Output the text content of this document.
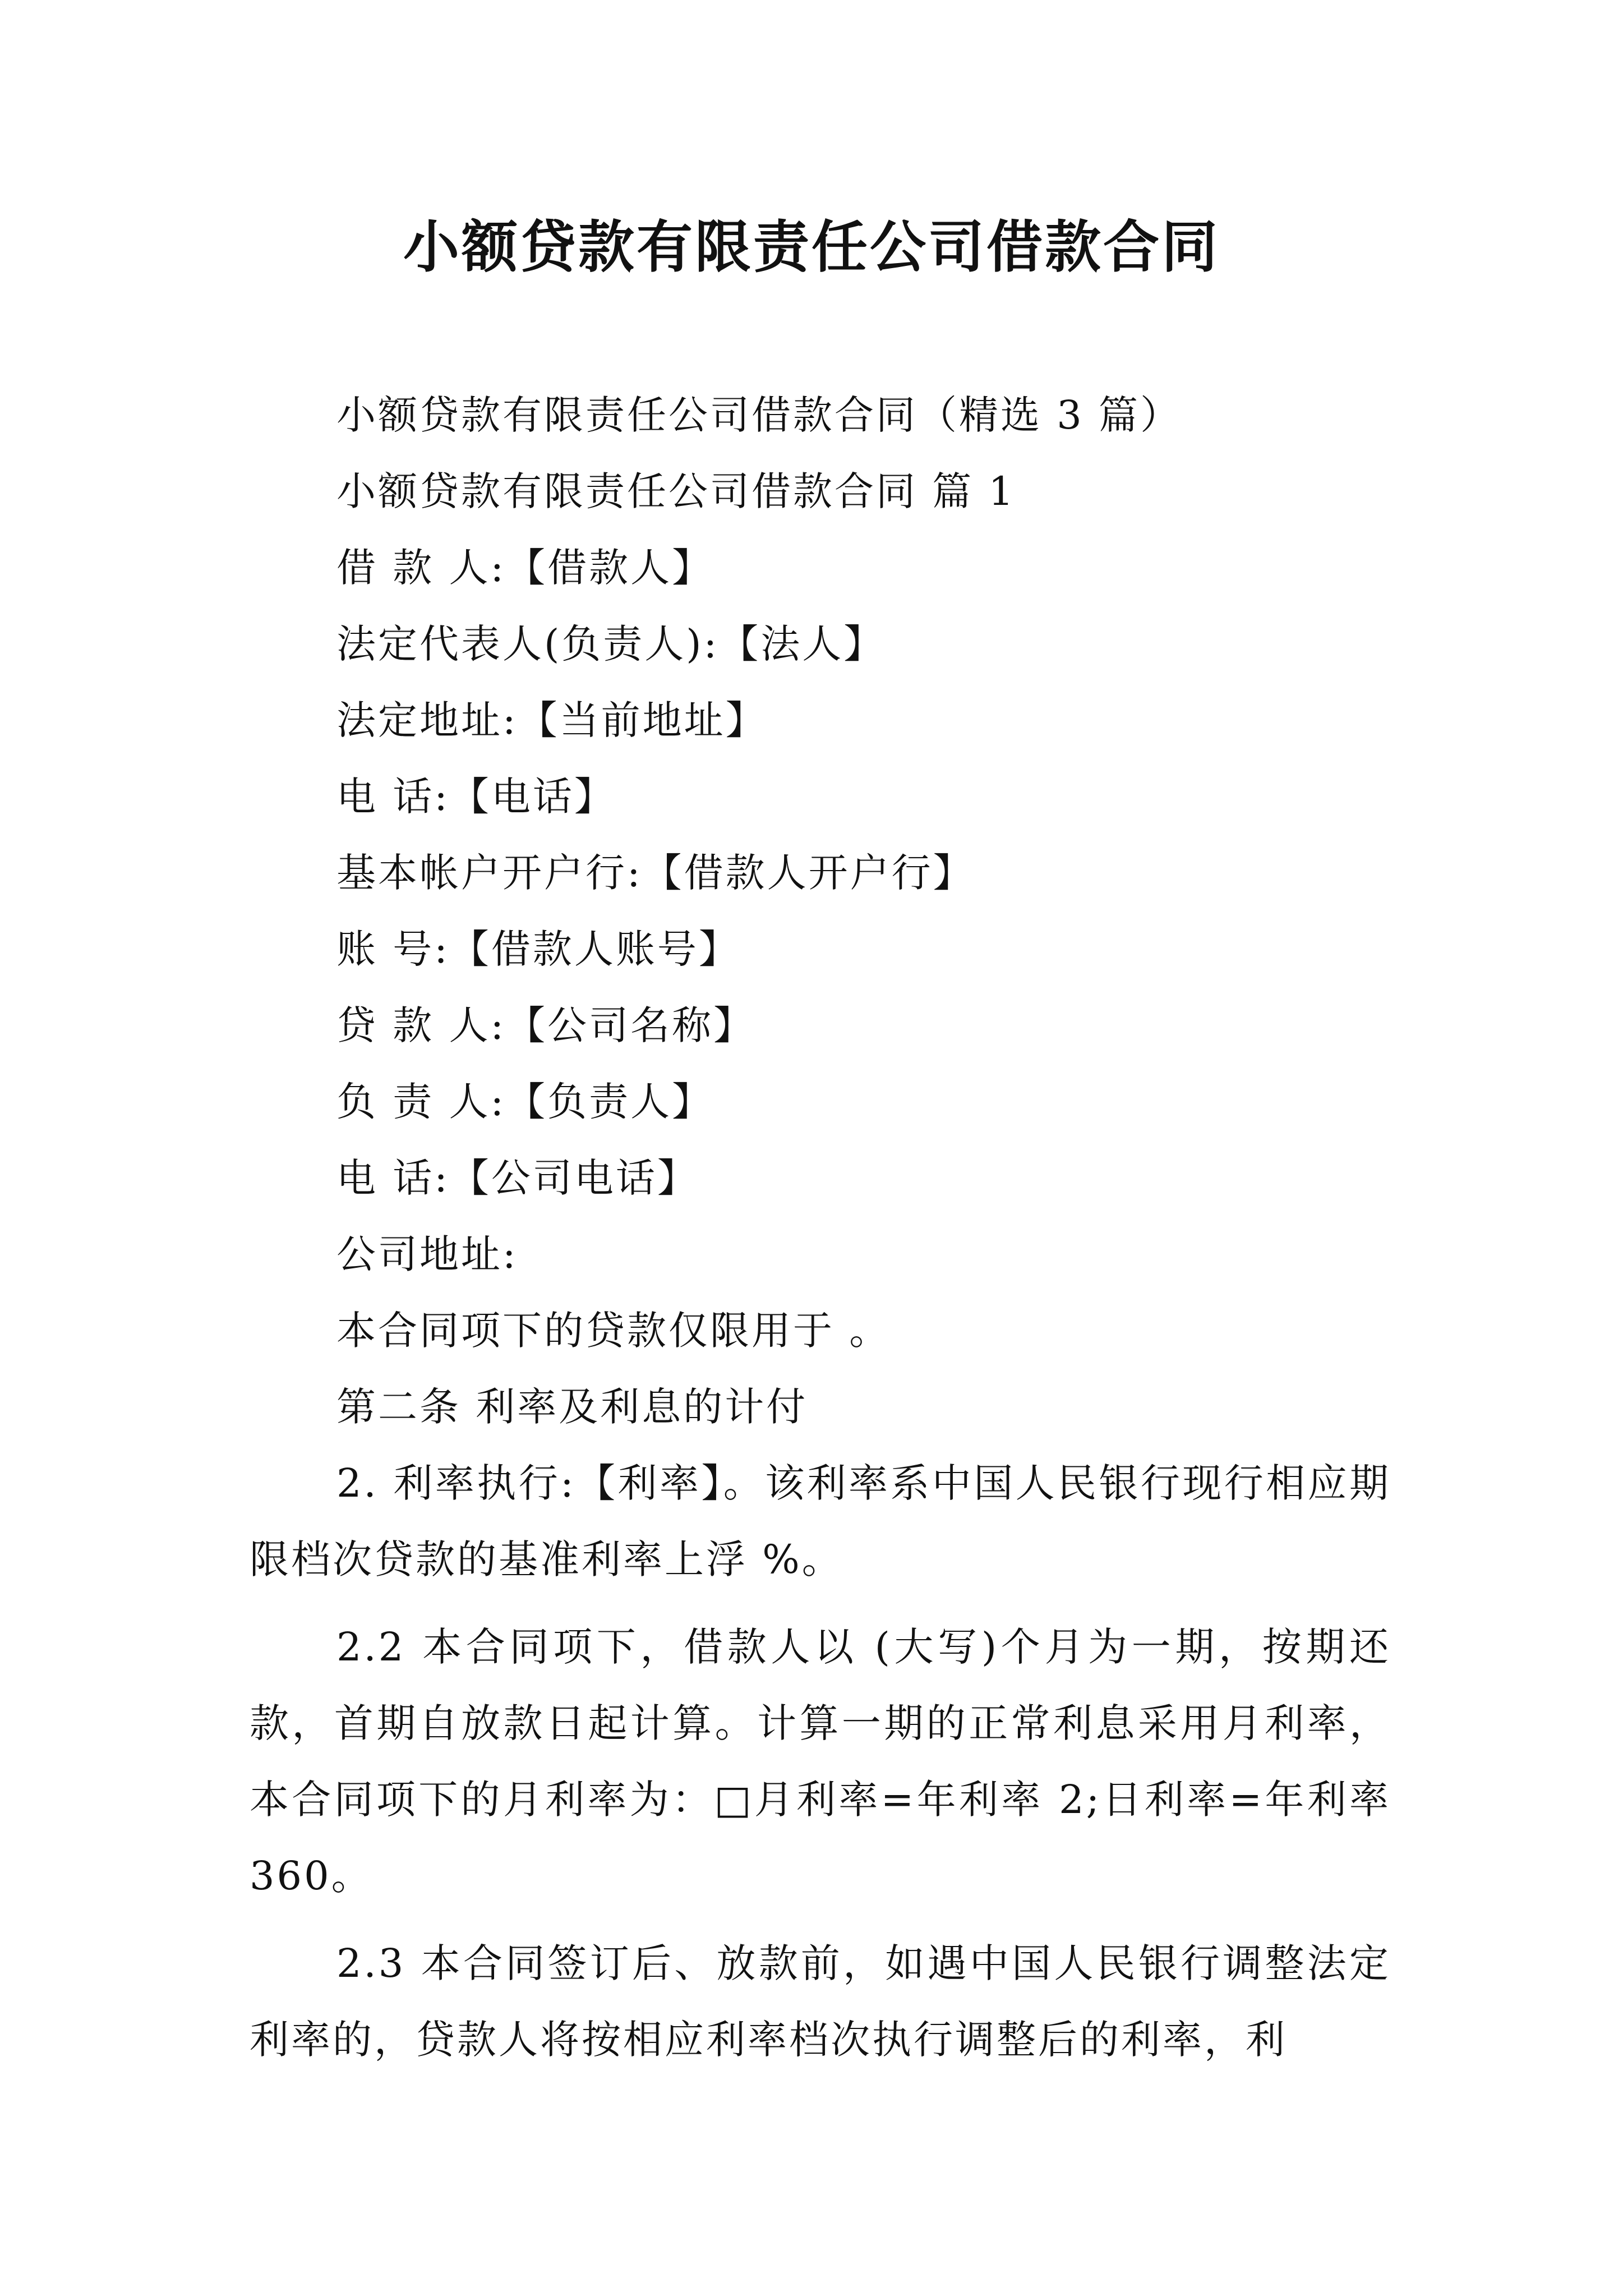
小额贷款有限责任公司借款合同

小额贷款有限责任公司借款合同（精选 3 篇）

小额贷款有限责任公司借款合同 篇 1

借 款 人:【借款人】

法定代表人(负责人):【法人】

法定地址:【当前地址】

电 话:【电话】

基本帐户开户行:【借款人开户行】

账 号:【借款人账号】

贷 款 人:【公司名称】

负 责 人:【负责人】

电 话:【公司电话】

公司地址:

本合同项下的贷款仅限用于 。

第二条 利率及利息的计付

2. 利率执行:【利率】。该利率系中国人民银行现行相应期限档次贷款的基准利率上浮 %。

2.2 本合同项下，借款人以 (大写)个月为一期，按期还款，首期自放款日起计算。计算一期的正常利息采用月利率，本合同项下的月利率为：□月利率=年利率 2;日利率=年利率 360。

2.3 本合同签订后、放款前，如遇中国人民银行调整法定利率的，贷款人将按相应利率档次执行调整后的利率，利
